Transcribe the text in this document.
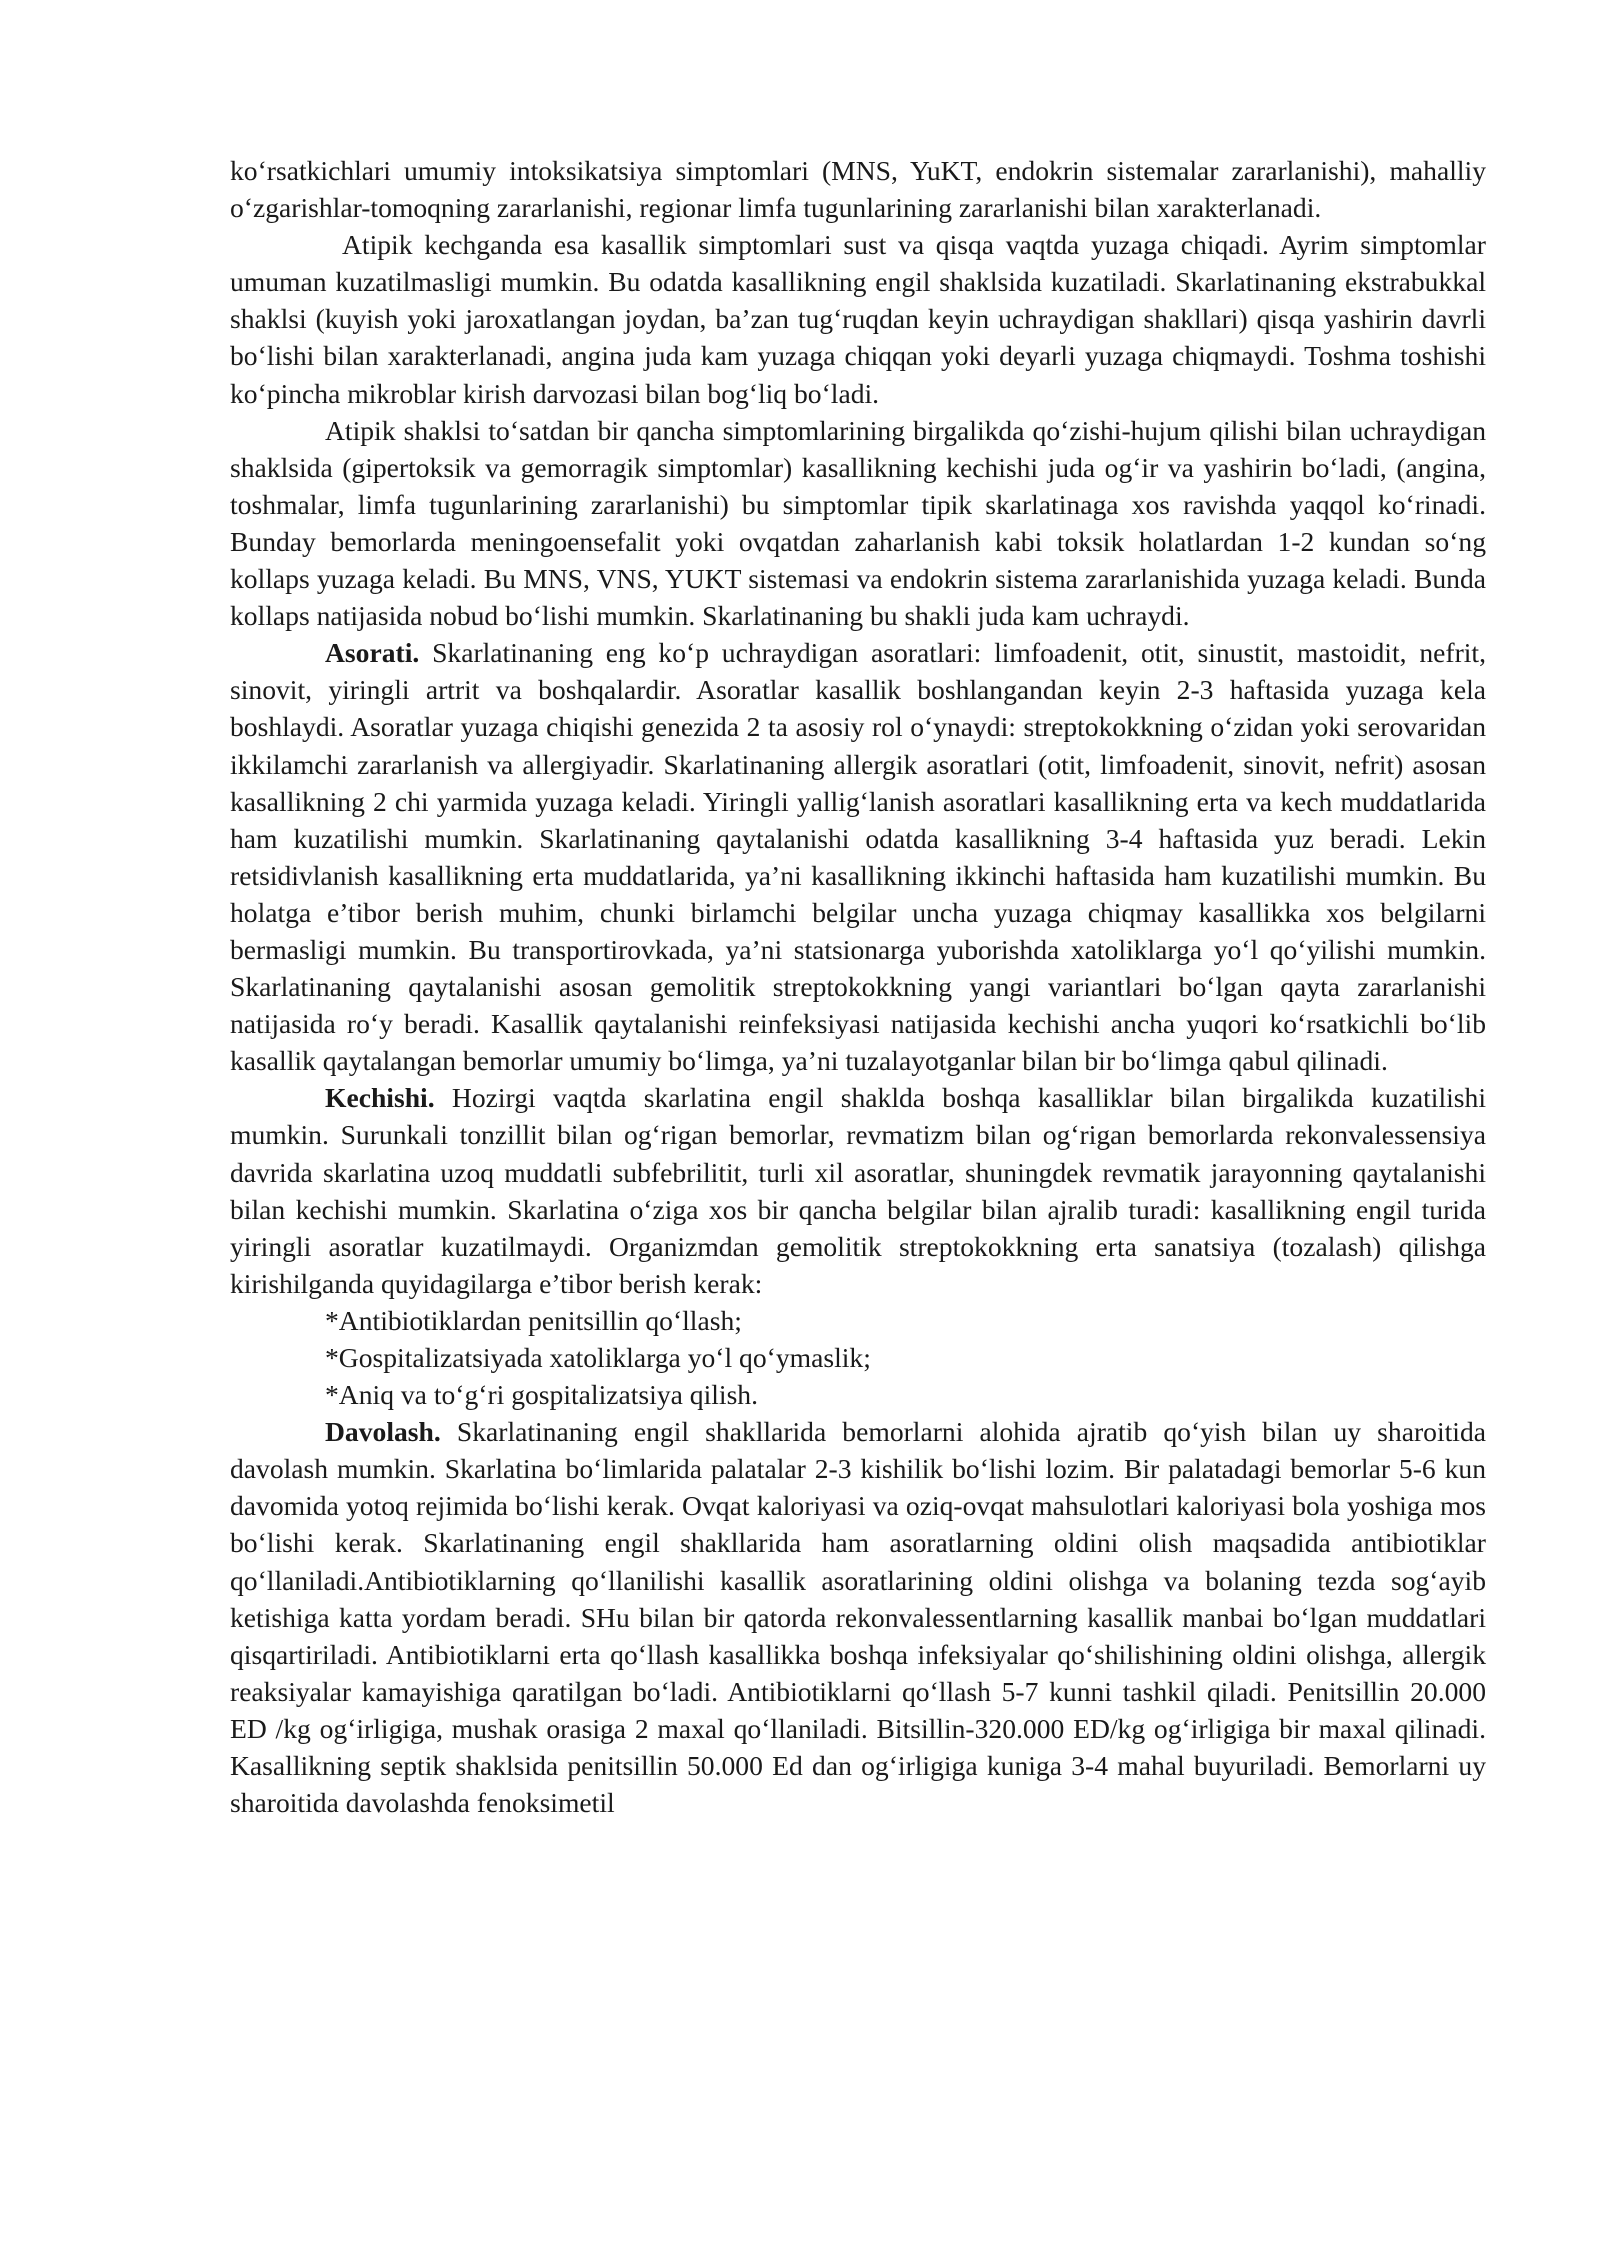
ko‘rsatkichlari umumiy intoksikatsiya simptomlari (MNS, YuKT, endokrin sistemalar zararlanishi), mahalliy o‘zgarishlar-tomoqning zararlanishi, regionar limfa tugunlarining zararlanishi bilan xarakterlanadi.

Atipik kechganda esa kasallik simptomlari sust va qisqa vaqtda yuzaga chiqadi. Ayrim simptomlar umuman kuzatilmasligi mumkin. Bu odatda kasallikning engil shaklsida kuzatiladi. Skarlatinaning ekstrabukkal shaklsi (kuyish yoki jaroxatlangan joydan, ba’zan tug‘ruqdan keyin uchraydigan shakllari) qisqa yashirin davrli bo‘lishi bilan xarakterlanadi, angina juda kam yuzaga chiqqan yoki deyarli yuzaga chiqmaydi. Toshma toshishi ko‘pincha mikroblar kirish darvozasi bilan bog‘liq bo‘ladi.

Atipik shaklsi to‘satdan bir qancha simptomlarining birgalikda qo‘zishi-hujum qilishi bilan uchraydigan shaklsida (gipertoksik va gemorragik simptomlar) kasallikning kechishi juda og‘ir va yashirin bo‘ladi, (angina, toshmalar, limfa tugunlarining zararlanishi) bu simptomlar tipik skarlatinaga xos ravishda yaqqol ko‘rinadi. Bunday bemorlarda meningoensefalit yoki ovqatdan zaharlanish kabi toksik holatlardan 1-2 kundan so‘ng kollaps yuzaga keladi. Bu MNS, VNS, YUKT sistemasi va endokrin sistema zararlanishida yuzaga keladi. Bunda kollaps natijasida nobud bo‘lishi mumkin. Skarlatinaning bu shakli juda kam uchraydi.

Asorati. Skarlatinaning eng ko‘p uchraydigan asoratlari: limfoadenit, otit, sinustit, mastoidit, nefrit, sinovit, yiringli artrit va boshqalardir. Asoratlar kasallik boshlangandan keyin 2-3 haftasida yuzaga kela boshlaydi. Asoratlar yuzaga chiqishi genezida 2 ta asosiy rol o‘ynaydi: streptokokkning o‘zidan yoki serovaridan ikkilamchi zararlanish va allergiyadir. Skarlatinaning allergik asoratlari (otit, limfoadenit, sinovit, nefrit) asosan kasallikning 2 chi yarmida yuzaga keladi. Yiringli yallig‘lanish asoratlari kasallikning erta va kech muddatlarida ham kuzatilishi mumkin. Skarlatinaning qaytalanishi odatda kasallikning 3-4 haftasida yuz beradi. Lekin retsidivlanish kasallikning erta muddatlarida, ya’ni kasallikning ikkinchi haftasida ham kuzatilishi mumkin. Bu holatga e’tibor berish muhim, chunki birlamchi belgilar uncha yuzaga chiqmay kasallikka xos belgilarni bermasligi mumkin. Bu transportirovkada, ya’ni statsionarga yuborishda xatoliklarga yo‘l qo‘yilishi mumkin. Skarlatinaning qaytalanishi asosan gemolitik streptokokkning yangi variantlari bo‘lgan qayta zararlanishi natijasida ro‘y beradi. Kasallik qaytalanishi reinfeksiyasi natijasida kechishi ancha yuqori ko‘rsatkichli bo‘lib kasallik qaytalangan bemorlar umumiy bo‘limga, ya’ni tuzalayotganlar bilan bir bo‘limga qabul qilinadi.

Kechishi. Hozirgi vaqtda skarlatina engil shaklda boshqa kasalliklar bilan birgalikda kuzatilishi mumkin. Surunkali tonzillit bilan og‘rigan bemorlar, revmatizm bilan og‘rigan bemorlarda rekonvalessensiya davrida skarlatina uzoq muddatli subfebrilitit, turli xil asoratlar, shuningdek revmatik jarayonning qaytalanishi bilan kechishi mumkin. Skarlatina o‘ziga xos bir qancha belgilar bilan ajralib turadi: kasallikning engil turida yiringli asoratlar kuzatilmaydi. Organizmdan gemolitik streptokokkning erta sanatsiya (tozalash) qilishga kirishilganda quyidagilarga e’tibor berish kerak:

*Antibiotiklardan penitsillin qo‘llash;

*Gospitalizatsiyada xatoliklarga yo‘l qo‘ymaslik;

*Aniq va to‘g‘ri gospitalizatsiya qilish.

Davolash. Skarlatinaning engil shakllarida bemorlarni alohida ajratib qo‘yish bilan uy sharoitida davolash mumkin. Skarlatina bo‘limlarida palatalar 2-3 kishilik bo‘lishi lozim. Bir palatadagi bemorlar 5-6 kun davomida yotoq rejimida bo‘lishi kerak. Ovqat kaloriyasi va oziq-ovqat mahsulotlari kaloriyasi bola yoshiga mos bo‘lishi kerak. Skarlatinaning engil shakllarida ham asoratlarning oldini olish maqsadida antibiotiklar qo‘llaniladi.Antibiotiklarning qo‘llanilishi kasallik asoratlarining oldini olishga va bolaning tezda sog‘ayib ketishiga katta yordam beradi. SHu bilan bir qatorda rekonvalessentlarning kasallik manbai bo‘lgan muddatlari qisqartiriladi. Antibiotiklarni erta qo‘llash kasallikka boshqa infeksiyalar qo‘shilishining oldini olishga, allergik reaksiyalar kamayishiga qaratilgan bo‘ladi. Antibiotiklarni qo‘llash 5-7 kunni tashkil qiladi. Penitsillin 20.000 ED /kg og‘irligiga, mushak orasiga 2 maxal qo‘llaniladi. Bitsillin-320.000 ED/kg og‘irligiga bir maxal qilinadi. Kasallikning septik shaklsida penitsillin 50.000 Ed dan og‘irligiga kuniga 3-4 mahal buyuriladi. Bemorlarni uy sharoitida davolashda fenoksimetil
